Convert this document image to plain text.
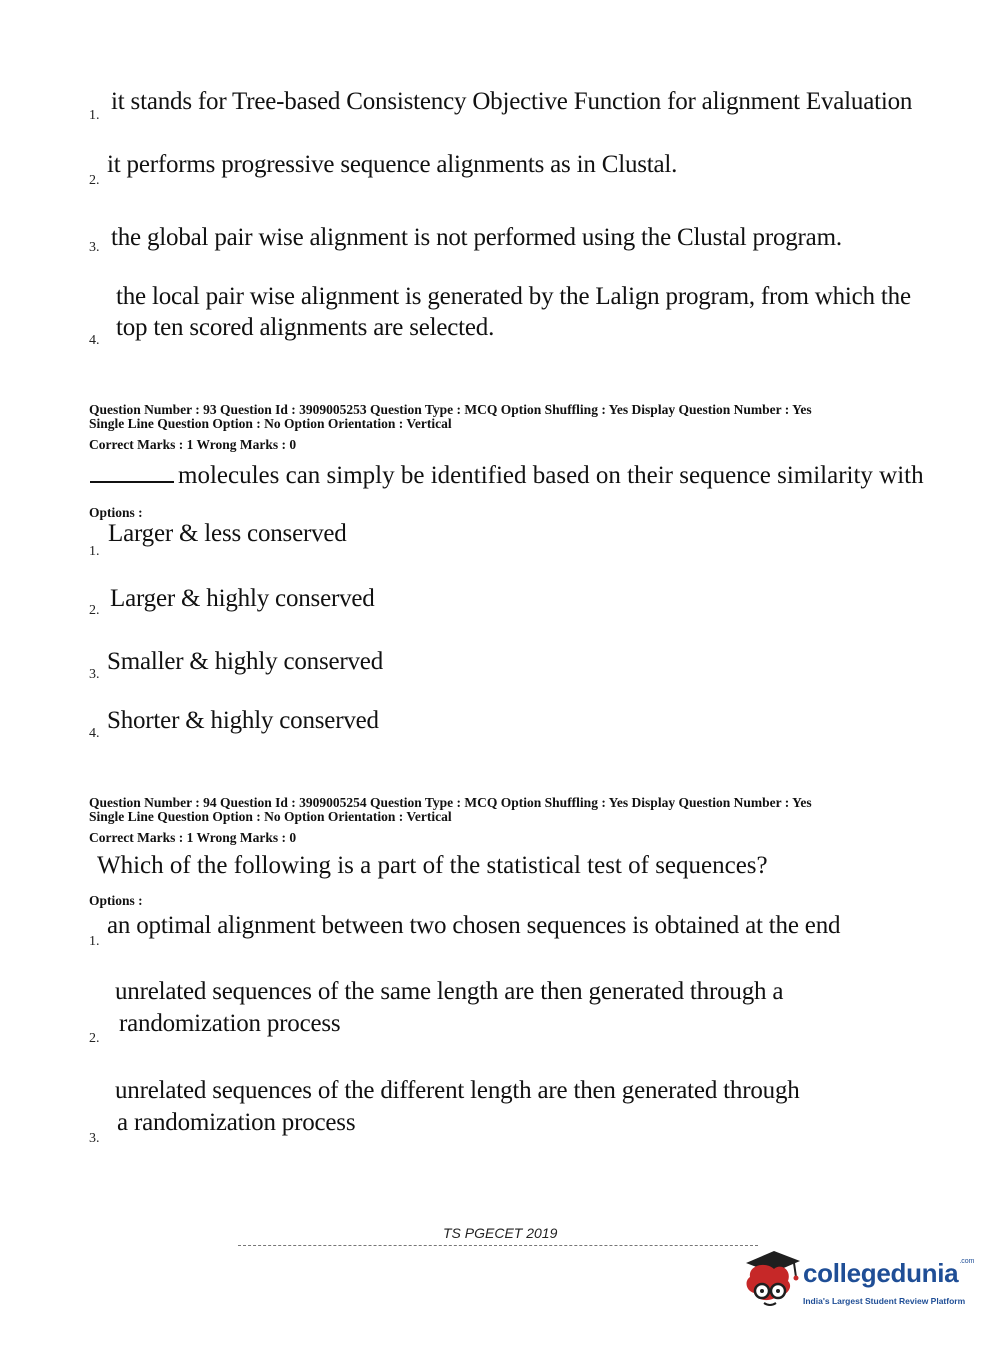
1.
it stands for Tree-based Consistency Objective Function for alignment Evaluation
2.
it performs progressive sequence alignments as in Clustal.
3. the global pair wise alignment is not performed using the Clustal program.
4.
the local pair wise alignment is generated by the Lalign program, from which the
top ten scored alignments are selected.
Question Number : 93 Question Id : 3909005253 Question Type : MCQ Option Shuffling : Yes Display Question Number : Yes
Single Line Question Option : No Option Orientation : Vertical
Correct Marks : 1 Wrong Marks : 0
molecules can simply be identified based on their sequence similarity with
Options :
1.
Larger & less conserved
2. Larger & highly conserved
3. Smaller & highly conserved
4. Shorter & highly conserved
Question Number : 94 Question Id : 3909005254 Question Type : MCQ Option Shuffling : Yes Display Question Number : Yes
Single Line Question Option : No Option Orientation : Vertical
Correct Marks : 1 Wrong Marks : 0
Which of the following is a part of the statistical test of sequences?
Options :
1.
an optimal alignment between two chosen sequences is obtained at the end
2.
unrelated sequences of the same length are then generated through a
randomization process
3.
unrelated sequences of the different length are then generated through
a randomization process
TS PGECET 2019
collegedunia$^{.com}$
India's Largest Student Review Platform
